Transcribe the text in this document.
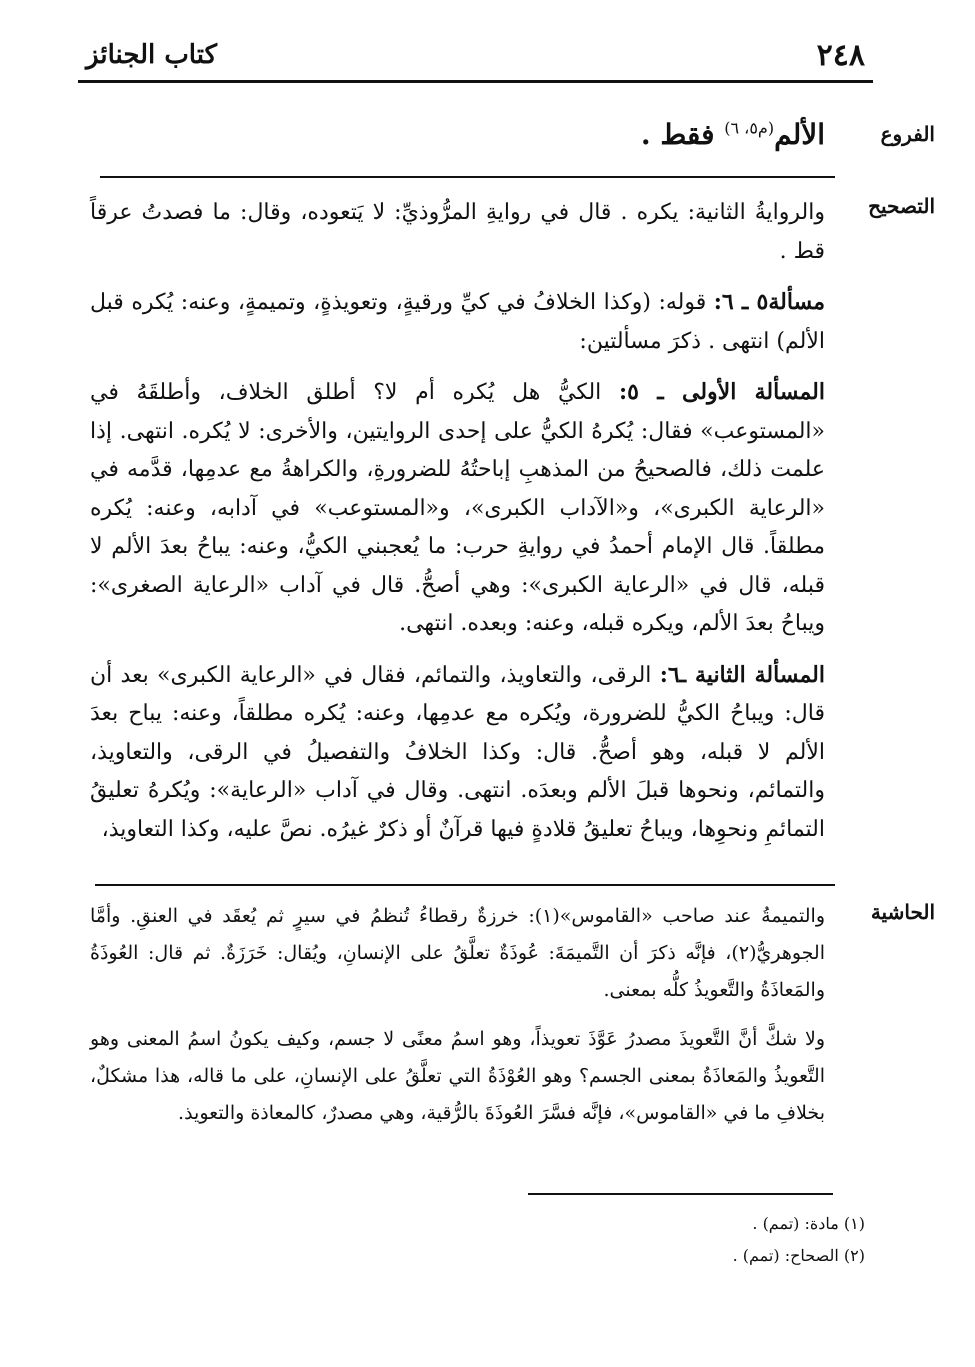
٢٤٨
كتاب الجنائز
الفروع
الألم$^{(م٥، ٦)}$ فقط .
التصحيح

والروايةُ الثانية: يكره . قال في روايةِ المرُّوذيِّ: لا يَتعوده، وقال: ما فصدتُ عرقاً قط .

مسألة٥ ـ ٦: قوله: (وكذا الخلافُ في كيِّ ورقيةٍ، وتعويذةٍ، وتميمةٍ، وعنه: يُكره قبل الألم) انتهى . ذكرَ مسألتين:

المسألة الأولى ـ ٥: الكيُّ هل يُكره أم لا؟ أطلق الخلاف، وأطلقَهُ في «المستوعب» فقال: يُكرهُ الكيُّ على إحدى الروايتين، والأخرى: لا يُكره. انتهى. إذا علمت ذلك، فالصحيحُ من المذهبِ إباحتُهُ للضرورةِ، والكراهةُ مع عدمِها، قدَّمه في «الرعاية الكبرى»، و«الآداب الكبرى»، و«المستوعب» في آدابه، وعنه: يُكره مطلقاً. قال الإمام أحمدُ في روايةِ حرب: ما يُعجبني الكيُّ، وعنه: يباحُ بعدَ الألم لا قبله، قال في «الرعاية الكبرى»: وهي أصحُّ. قال في آداب «الرعاية الصغرى»: ويباحُ بعدَ الألم، ويكره قبله، وعنه: وبعده. انتهى.

المسألة الثانية ـ٦: الرقى، والتعاويذ، والتمائم، فقال في «الرعاية الكبرى» بعد أن قال: ويباحُ الكيُّ للضرورة، ويُكره مع عدمِها، وعنه: يُكره مطلقاً، وعنه: يباح بعدَ الألم لا قبله، وهو أصحُّ. قال: وكذا الخلافُ والتفصيلُ في الرقى، والتعاويذ، والتمائم، ونحوها قبلَ الألم وبعدَه. انتهى. وقال في آداب «الرعاية»: ويُكرهُ تعليقُ التمائمِ ونحوِها، ويباحُ تعليقُ قلادةٍ فيها قرآنٌ أو ذكرٌ غيرُه. نصَّ عليه، وكذا التعاويذ،

الحاشية

والتميمةُ عند صاحب «القاموس»(١): خرزةٌ رقطاءُ تُنظمُ في سيرٍ ثم يُعقَد في العنقِ. وأمَّا الجوهريُّ(٢)، فإنَّه ذكرَ أن التَّميمَةَ: عُوذَةٌ تعلَّقُ على الإنسانِ، ويُقال: خَرَزَةٌ. ثم قال: العُوذَةُ والمَعاذَةُ والتَّعويذُ كلُّه بمعنى.

ولا شكَّ أنَّ التَّعويذَ مصدرُ عَوَّذَ تعويذاً، وهو اسمُ معنًى لا جسم، وكيف يكونُ اسمُ المعنى وهو التَّعويذُ والمَعاذَةُ بمعنى الجسم؟ وهو العُوْذَةُ التي تعلَّقُ على الإنسانِ، على ما قاله، هذا مشكلٌ، بخلافِ ما في «القاموس»، فإنَّه فسَّرَ العُوذَةَ بالرُّقية، وهي مصدرٌ، كالمعاذة والتعويذ.

(١) مادة: (تمم) .
(٢) الصحاح: (تمم) .
